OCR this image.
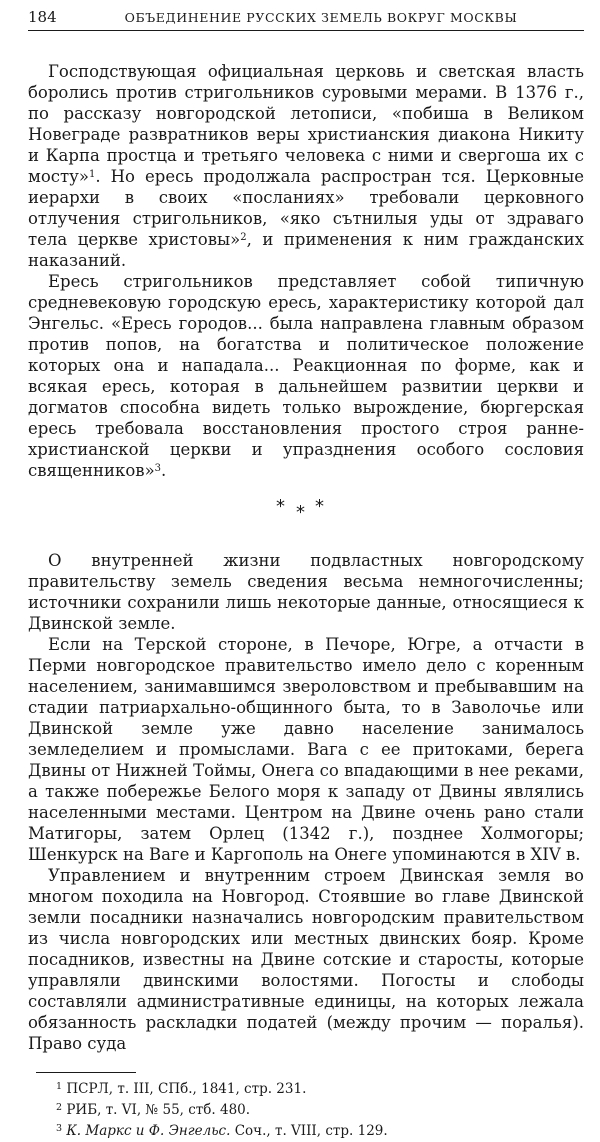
184	ОБЪЕДИНЕНИЕ РУССКИХ ЗЕМЕЛЬ ВОКРУГ МОСКВЫ

Господствующая официальная церковь и светская власть боролись против стригольников суровыми мерами. В 1376 г., по рассказу новгородской летописи, «побиша в Великом Новеграде развратников веры христианския диакона Никиту и Карпа простца и третьяго человека с ними и свергоша их с мосту»$^1$. Но ересь продолжала распростран тся. Церковные иерархи в своих «посланиях» требовали церковного отлучения стригольников, «яко сътнилыя уды от здраваго тела церкве христовы»$^2$, и применения к ним гражданских наказаний.

Ересь стригольников представляет собой типичную средневековую городскую ересь, характеристику которой дал Энгельс. «Ересь городов... была направлена главным образом против попов, на богатства и политическое положение которых она и нападала... Реакционная по форме, как и всякая ересь, которая в дальнейшем развитии церкви и догматов способна видеть только вырождение, бюргерская ересь требовала восстановления простого строя ранне-христианской церкви и упразднения особого сословия священников»$^3$.

* * *

О внутренней жизни подвластных новгородскому правительству земель сведения весьма немногочисленны; источники сохранили лишь некоторые данные, относящиеся к Двинской земле.

Если на Терской стороне, в Печоре, Югре, а отчасти в Перми новгородское правительство имело дело с коренным населением, занимавшимся звероловством и пребывавшим на стадии патриархально-общинного быта, то в Заволочье или Двинской земле уже давно население занималось земледелием и промыслами. Вага с ее притоками, берега Двины от Нижней Тоймы, Онега со впадающими в нее реками, а также побережье Белого моря к западу от Двины являлись населенными местами. Центром на Двине очень рано стали Матигоры, затем Орлец (1342 г.), позднее Холмогоры; Шенкурск на Ваге и Каргополь на Онеге упоминаются в XIV в.

Управлением и внутренним строем Двинская земля во многом походила на Новгород. Стоявшие во главе Двинской земли посадники назначались новгородским правительством из числа новгородских или местных двинских бояр. Кроме посадников, известны на Двине сотские и старосты, которые управляли двинскими волостями. Погосты и слободы составляли административные единицы, на которых лежала обязанность раскладки податей (между прочим — поралья). Право суда

$^1$ ПСРЛ, т. III, СПб., 1841, стр. 231.
$^2$ РИБ, т. VI, № 55, стб. 480.
$^3$ К. Маркс и Ф. Энгельс. Соч., т. VIII, стр. 129.
